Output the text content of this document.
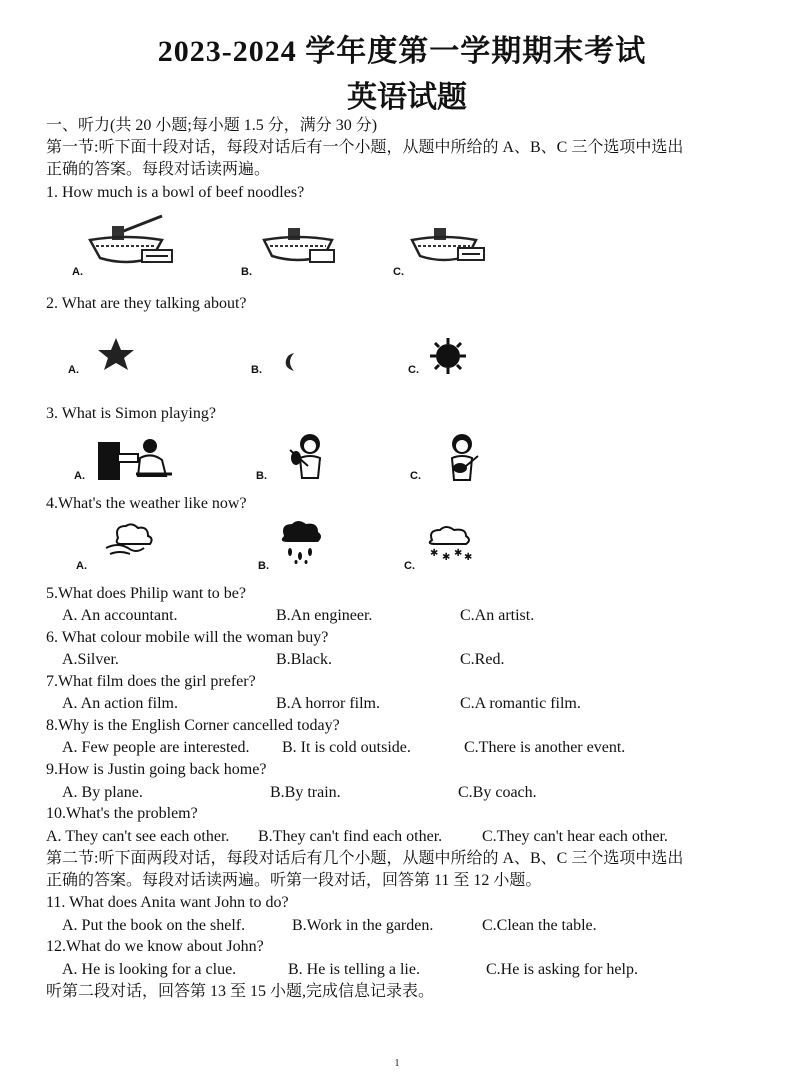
2023-2024 学年度第一学期期末考试
英语试题
一、听力(共 20 小题;每小题 1.5 分，满分 30 分)
第一节:听下面十段对话，每段对话后有一个小题，从题中所给的 A、B、C 三个选项中选出
正确的答案。每段对话读两遍。
1. How much is a bowl of beef noodles?
A.	B.	C.
2. What are they talking about?
A.	B.	C.
3. What is Simon playing?
A.	B.	C.
4.What's the weather like now?
A.	B.	C.
✱ ✱ ✱ ✱
5.What does Philip want to be?
A. An accountant.	B.An engineer.	C.An artist.
6. What colour mobile will the woman buy?
A.Silver.	B.Black.	C.Red.
7.What film does the girl prefer?
A. An action film.	B.A horror film.	C.A romantic film.
8.Why is the English Corner cancelled today?
A. Few people are interested. B. It is cold outside.	C.There is another event.
9.How is Justin going back home?
A. By plane.	B.By train.	C.By coach.
10.What's the problem?
A. They can't see each other. B.They can't find each other. C.They can't hear each other.
第二节:听下面两段对话，每段对话后有几个小题，从题中所给的 A、B、C 三个选项中选出
正确的答案。每段对话读两遍。听第一段对话，回答第 11 至 12 小题。
11. What does Anita want John to do?
A. Put the book on the shelf.	B.Work in the garden.	C.Clean the table.
12.What do we know about John?
A. He is looking for a clue.	B. He is telling a lie.	C.He is asking for help.
听第二段对话，回答第 13 至 15 小题,完成信息记录表。
1
